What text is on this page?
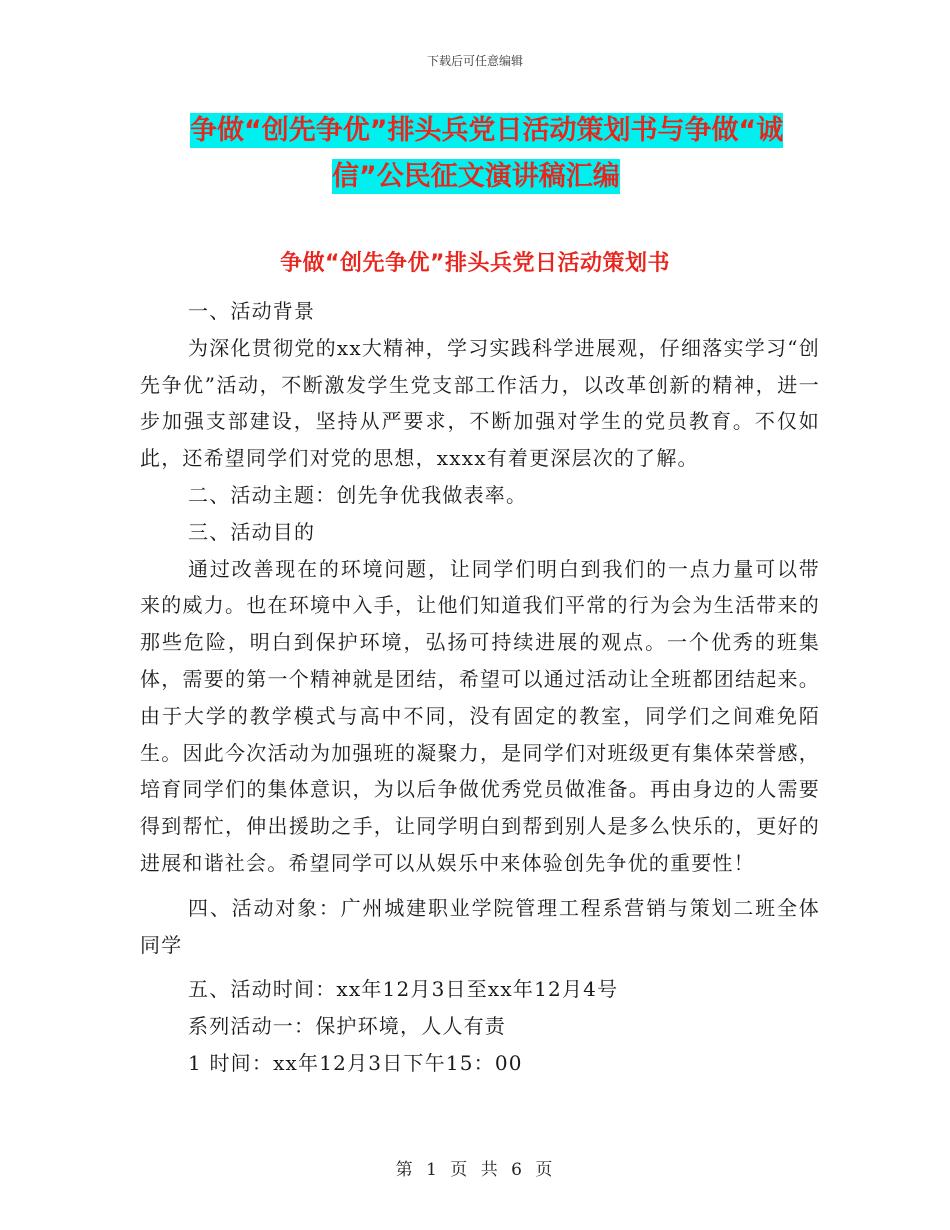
下载后可任意编辑
争做“创先争优”排头兵党日活动策划书与争做“诚
信”公民征文演讲稿汇编
争做“创先争优”排头兵党日活动策划书

一、活动背景

为深化贯彻党的xx大精神，学习实践科学进展观，仔细落实学习“创先争优”活动，不断激发学生党支部工作活力，以改革创新的精神，进一步加强支部建设，坚持从严要求，不断加强对学生的党员教育。不仅如此，还希望同学们对党的思想，xxxx有着更深层次的了解。

二、活动主题：创先争优我做表率。

三、活动目的

通过改善现在的环境问题，让同学们明白到我们的一点力量可以带来的威力。也在环境中入手，让他们知道我们平常的行为会为生活带来的那些危险，明白到保护环境，弘扬可持续进展的观点。一个优秀的班集体，需要的第一个精神就是团结，希望可以通过活动让全班都团结起来。由于大学的教学模式与高中不同，没有固定的教室，同学们之间难免陌生。因此今次活动为加强班的凝聚力，是同学们对班级更有集体荣誉感，培育同学们的集体意识，为以后争做优秀党员做准备。再由身边的人需要得到帮忙，伸出援助之手，让同学明白到帮到别人是多么快乐的，更好的进展和谐社会。希望同学可以从娱乐中来体验创先争优的重要性！

四、活动对象：广州城建职业学院管理工程系营销与策划二班全体同学

五、活动时间：xx年12月3日至xx年12月4号

系列活动一：保护环境，人人有责

1 时间：xx年12月3日下午15：00

第 1 页 共 6 页
